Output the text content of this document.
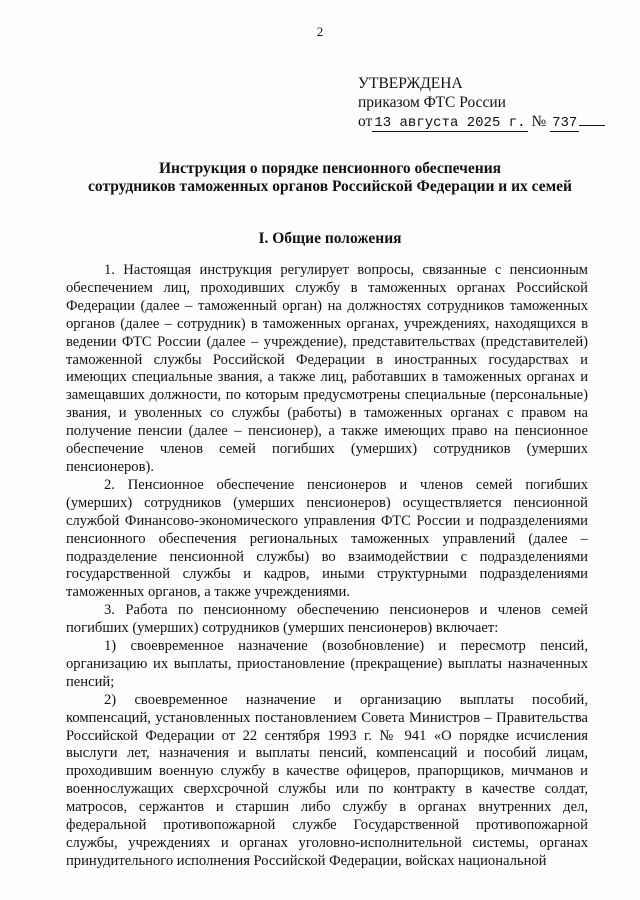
2
УТВЕРЖДЕНА
приказом ФТС России
от 13 августа 2025 г. № 737
Инструкция о порядке пенсионного обеспечения
сотрудников таможенных органов Российской Федерации и их семей
I. Общие положения

1. Настоящая инструкция регулирует вопросы, связанные с пенсионным обеспечением лиц, проходивших службу в таможенных органах Российской Федерации (далее – таможенный орган) на должностях сотрудников таможенных органов (далее – сотрудник) в таможенных органах, учреждениях, находящихся в ведении ФТС России (далее – учреждение), представительствах (представителей) таможенной службы Российской Федерации в иностранных государствах и имеющих специальные звания, а также лиц, работавших в таможенных органах и замещавших должности, по которым предусмотрены специальные (персональные) звания, и уволенных со службы (работы) в таможенных органах с правом на получение пенсии (далее – пенсионер), а также имеющих право на пенсионное обеспечение членов семей погибших (умерших) сотрудников (умерших пенсионеров).

2. Пенсионное обеспечение пенсионеров и членов семей погибших (умерших) сотрудников (умерших пенсионеров) осуществляется пенсионной службой Финансово-экономического управления ФТС России и подразделениями пенсионного обеспечения региональных таможенных управлений (далее – подразделение пенсионной службы) во взаимодействии с подразделениями государственной службы и кадров, иными структурными подразделениями таможенных органов, а также учреждениями.

3. Работа по пенсионному обеспечению пенсионеров и членов семей погибших (умерших) сотрудников (умерших пенсионеров) включает:

1) своевременное назначение (возобновление) и пересмотр пенсий, организацию их выплаты, приостановление (прекращение) выплаты назначенных пенсий;

2) своевременное назначение и организацию выплаты пособий, компенсаций, установленных постановлением Совета Министров – Правительства Российской Федерации от 22 сентября 1993 г. № 941 «О порядке исчисления выслуги лет, назначения и выплаты пенсий, компенсаций и пособий лицам, проходившим военную службу в качестве офицеров, прапорщиков, мичманов и военнослужащих сверхсрочной службы или по контракту в качестве солдат, матросов, сержантов и старшин либо службу в органах внутренних дел, федеральной противопожарной службе Государственной противопожарной службы, учреждениях и органах уголовно-исполнительной системы, органах принудительного исполнения Российской Федерации, войсках национальной
